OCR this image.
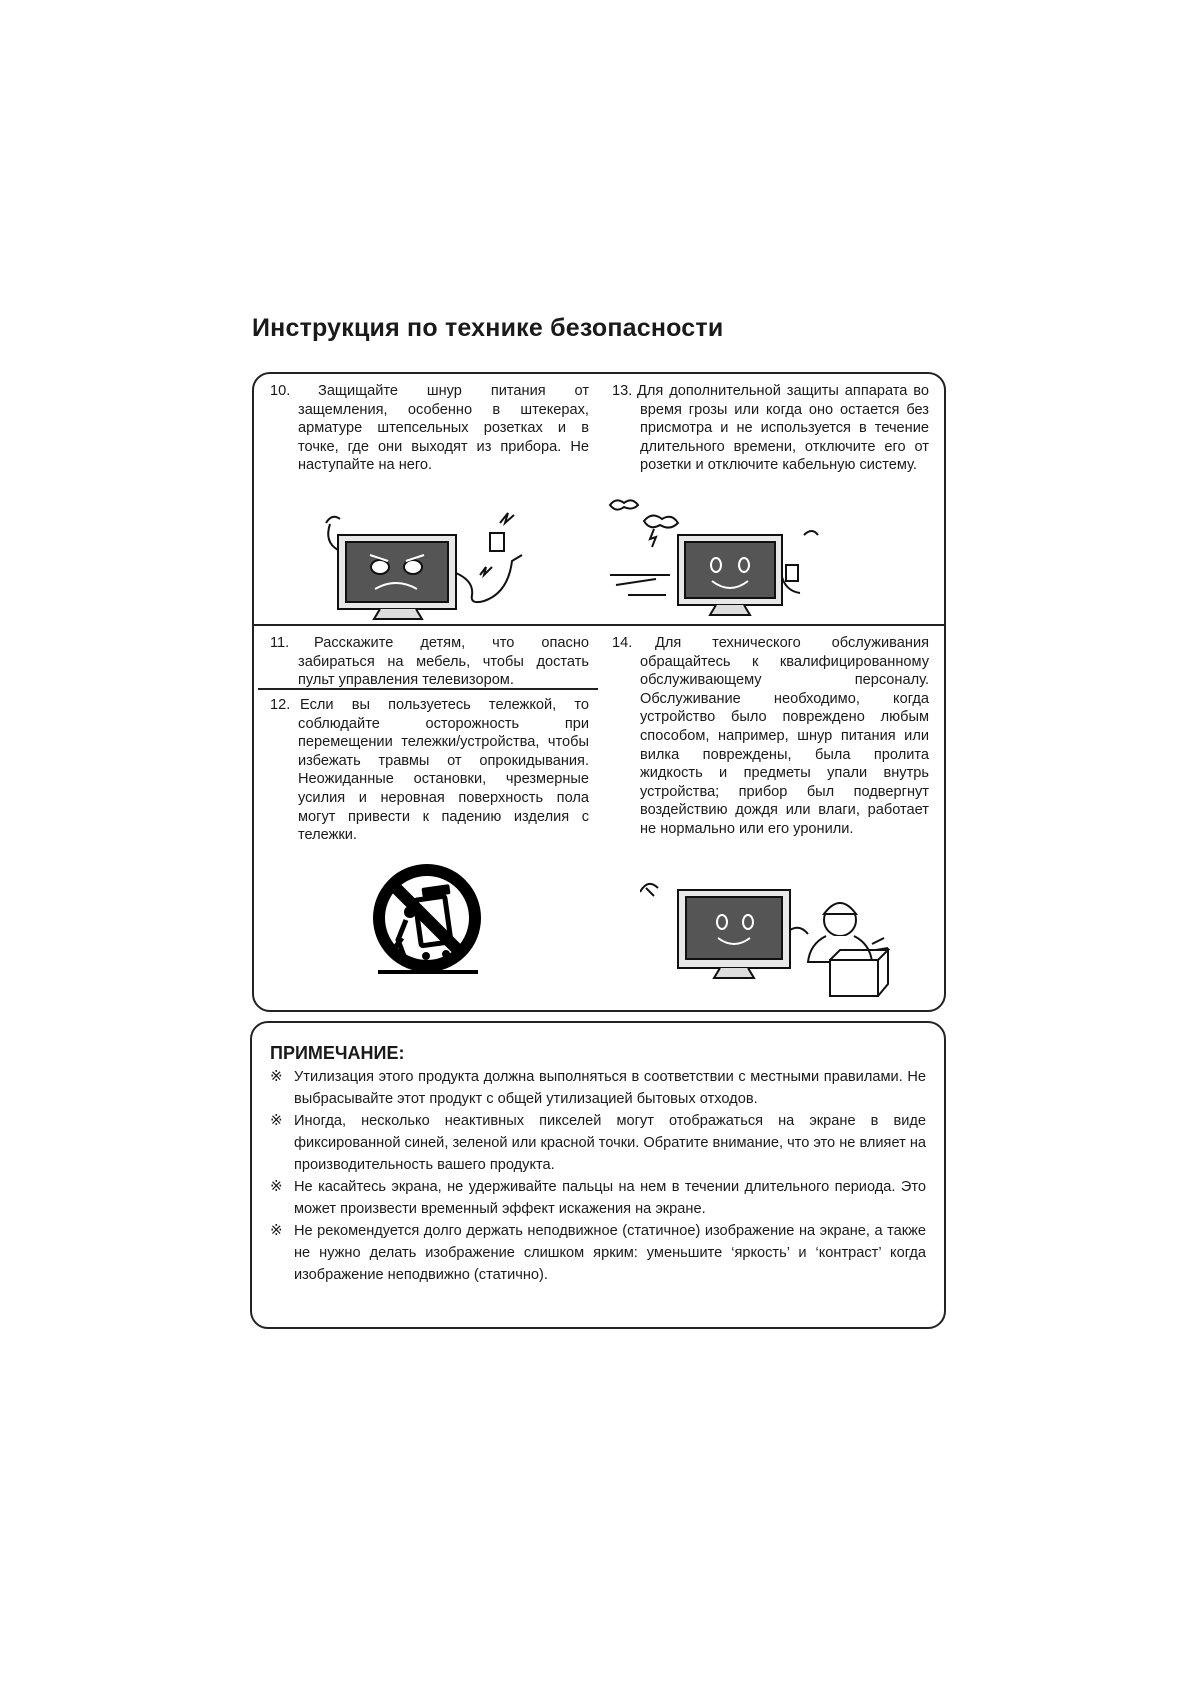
Инструкция по технике безопасности
10.	Защищайте шнур питания от защемления, особенно в штекерах, арматуре штепсельных розетках и в точке, где они выходят из прибора. Не наступайте на него.
13. Для дополнительной защиты аппарата во время грозы или когда оно остается без присмотра и не используется в течение длительного времени, отключите его от розетки и отключите кабельную систему.
11.	Расскажите детям, что опасно забираться на мебель, чтобы достать пульт управления телевизором.
12. Если вы пользуетесь тележкой, то соблюдайте осторожность при перемещении тележки/устройства, чтобы избежать травмы от опрокидывания. Неожиданные остановки, чрезмерные усилия и неровная поверхность пола могут привести к падению изделия с тележки.
14.	Для технического обслуживания обращайтесь к квалифицированному обслуживающему персоналу. Обслуживание необходимо, когда устройство было повреждено любым способом, например, шнур питания или вилка повреждены, была пролита жидкость и предметы упали внутрь устройства; прибор был подвергнут воздействию дождя или влаги, работает не нормально или его уронили.
ПРИМЕЧАНИЕ:
※ Утилизация этого продукта должна выполняться в соответствии с местными правилами. Не выбрасывайте этот продукт с общей утилизацией бытовых отходов.
※ Иногда, несколько неактивных пикселей могут отображаться на экране в виде фиксированной синей, зеленой или красной точки. Обратите внимание, что это не влияет на производительность вашего продукта.
※ Не касайтесь экрана, не удерживайте пальцы на нем в течении длительного периода. Это может произвести временный эффект искажения на экране.
※ Не рекомендуется долго держать неподвижное (статичное) изображение на экране, а также не нужно делать изображение слишком ярким: уменьшите ‘яркость’ и ‘контраст’ когда изображение неподвижно (статично).
